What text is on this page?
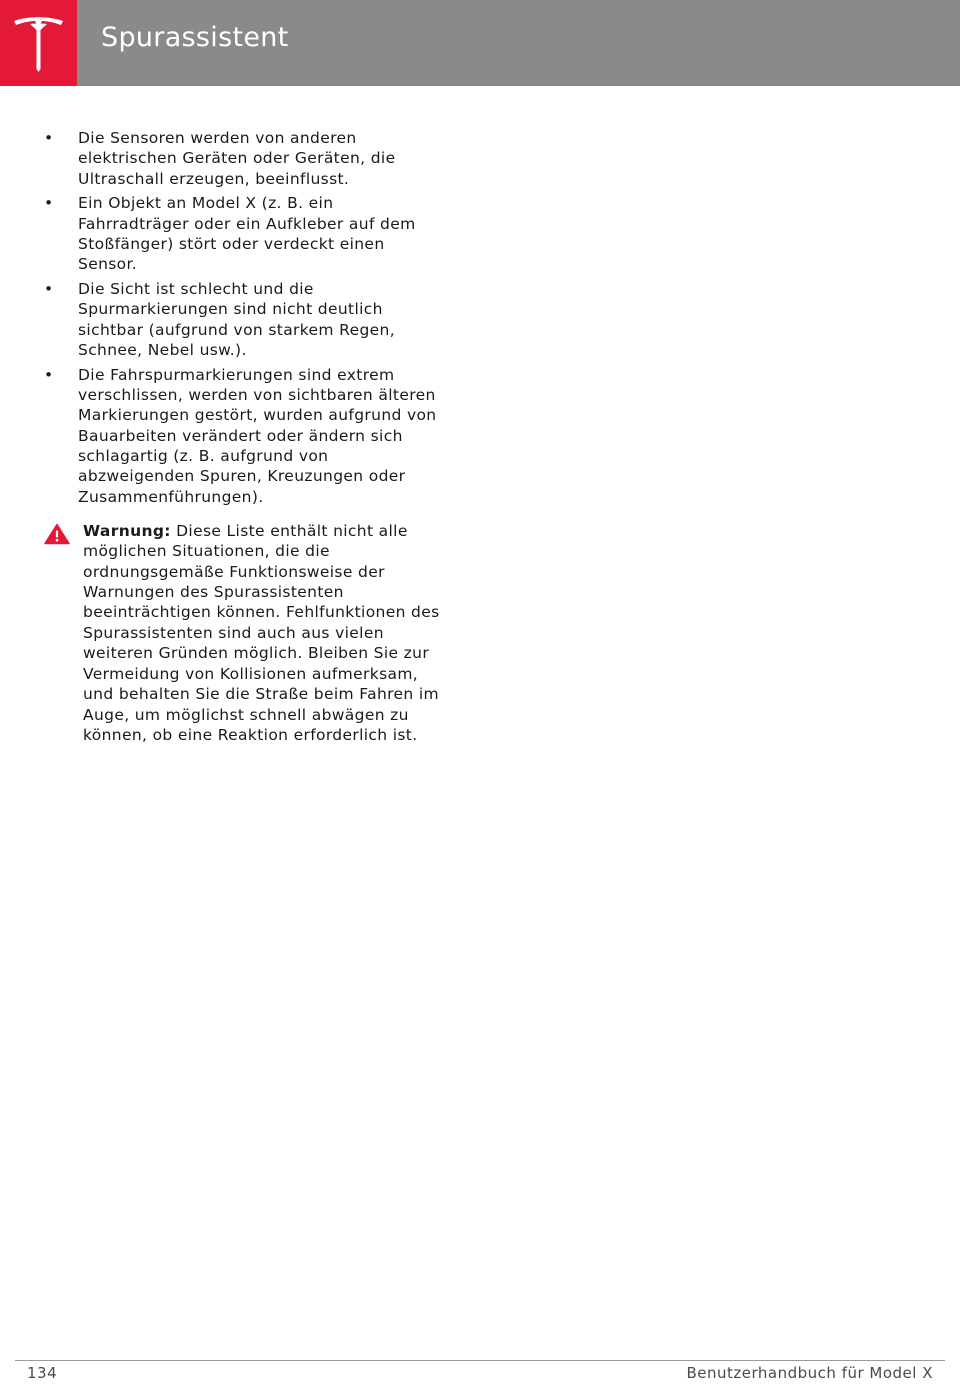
Spurassistent
• Die Sensoren werden von anderen elektrischen Geräten oder Geräten, die Ultraschall erzeugen, beeinflusst.
• Ein Objekt an Model X (z. B. ein Fahrradträger oder ein Aufkleber auf dem Stoßfänger) stört oder verdeckt einen Sensor.
• Die Sicht ist schlecht und die Spurmarkierungen sind nicht deutlich sichtbar (aufgrund von starkem Regen, Schnee, Nebel usw.).
• Die Fahrspurmarkierungen sind extrem verschlissen, werden von sichtbaren älteren Markierungen gestört, wurden aufgrund von Bauarbeiten verändert oder ändern sich schlagartig (z. B. aufgrund von abzweigenden Spuren, Kreuzungen oder Zusammenführungen).
Warnung: Diese Liste enthält nicht alle möglichen Situationen, die die ordnungsgemäße Funktionsweise der Warnungen des Spurassistenten beeinträchtigen können. Fehlfunktionen des Spurassistenten sind auch aus vielen weiteren Gründen möglich. Bleiben Sie zur Vermeidung von Kollisionen aufmerksam, und behalten Sie die Straße beim Fahren im Auge, um möglichst schnell abwägen zu können, ob eine Reaktion erforderlich ist.
134	Benutzerhandbuch für Model X
